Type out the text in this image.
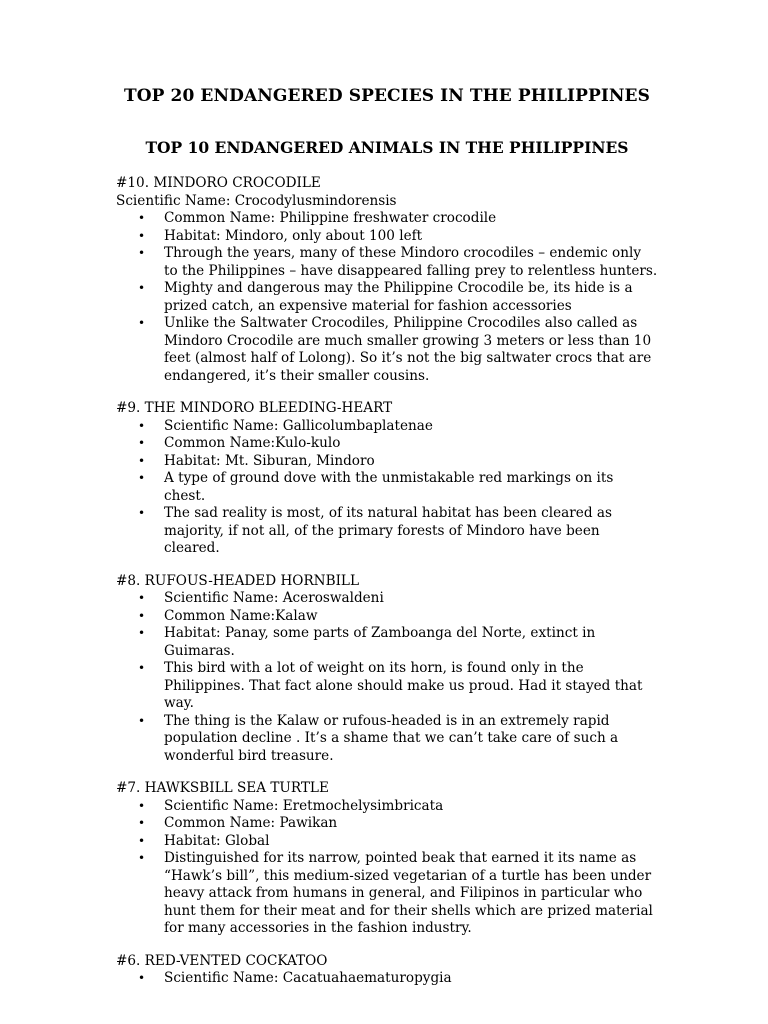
TOP 20 ENDANGERED SPECIES IN THE PHILIPPINES
TOP 10 ENDANGERED ANIMALS IN THE PHILIPPINES
#10. MINDORO CROCODILE
Scientific Name: Crocodylusmindorensis
• Common Name: Philippine freshwater crocodile
• Habitat: Mindoro, only about 100 left
• Through the years, many of these Mindoro crocodiles – endemic only to the Philippines – have disappeared falling prey to relentless hunters.
• Mighty and dangerous may the Philippine Crocodile be, its hide is a prized catch, an expensive material for fashion accessories
• Unlike the Saltwater Crocodiles, Philippine Crocodiles also called as Mindoro Crocodile are much smaller growing 3 meters or less than 10 feet (almost half of Lolong). So it’s not the big saltwater crocs that are endangered, it’s their smaller cousins.
#9. THE MINDORO BLEEDING-HEART
• Scientific Name: Gallicolumbaplatenae
• Common Name:Kulo-kulo
• Habitat: Mt. Siburan, Mindoro
• A type of ground dove with the unmistakable red markings on its chest.
• The sad reality is most, of its natural habitat has been cleared as majority, if not all, of the primary forests of Mindoro have been cleared.
#8. RUFOUS-HEADED HORNBILL
• Scientific Name: Aceroswaldeni
• Common Name:Kalaw
• Habitat: Panay, some parts of Zamboanga del Norte, extinct in Guimaras.
• This bird with a lot of weight on its horn, is found only in the Philippines. That fact alone should make us proud. Had it stayed that way.
• The thing is the Kalaw or rufous-headed is in an extremely rapid population decline . It’s a shame that we can’t take care of such a wonderful bird treasure.
#7. HAWKSBILL SEA TURTLE
• Scientific Name: Eretmochelysimbricata
• Common Name: Pawikan
• Habitat: Global
• Distinguished for its narrow, pointed beak that earned it its name as “Hawk’s bill”, this medium-sized vegetarian of a turtle has been under heavy attack from humans in general, and Filipinos in particular who hunt them for their meat and for their shells which are prized material for many accessories in the fashion industry.
#6. RED-VENTED COCKATOO
• Scientific Name: Cacatuahaematuropygia
